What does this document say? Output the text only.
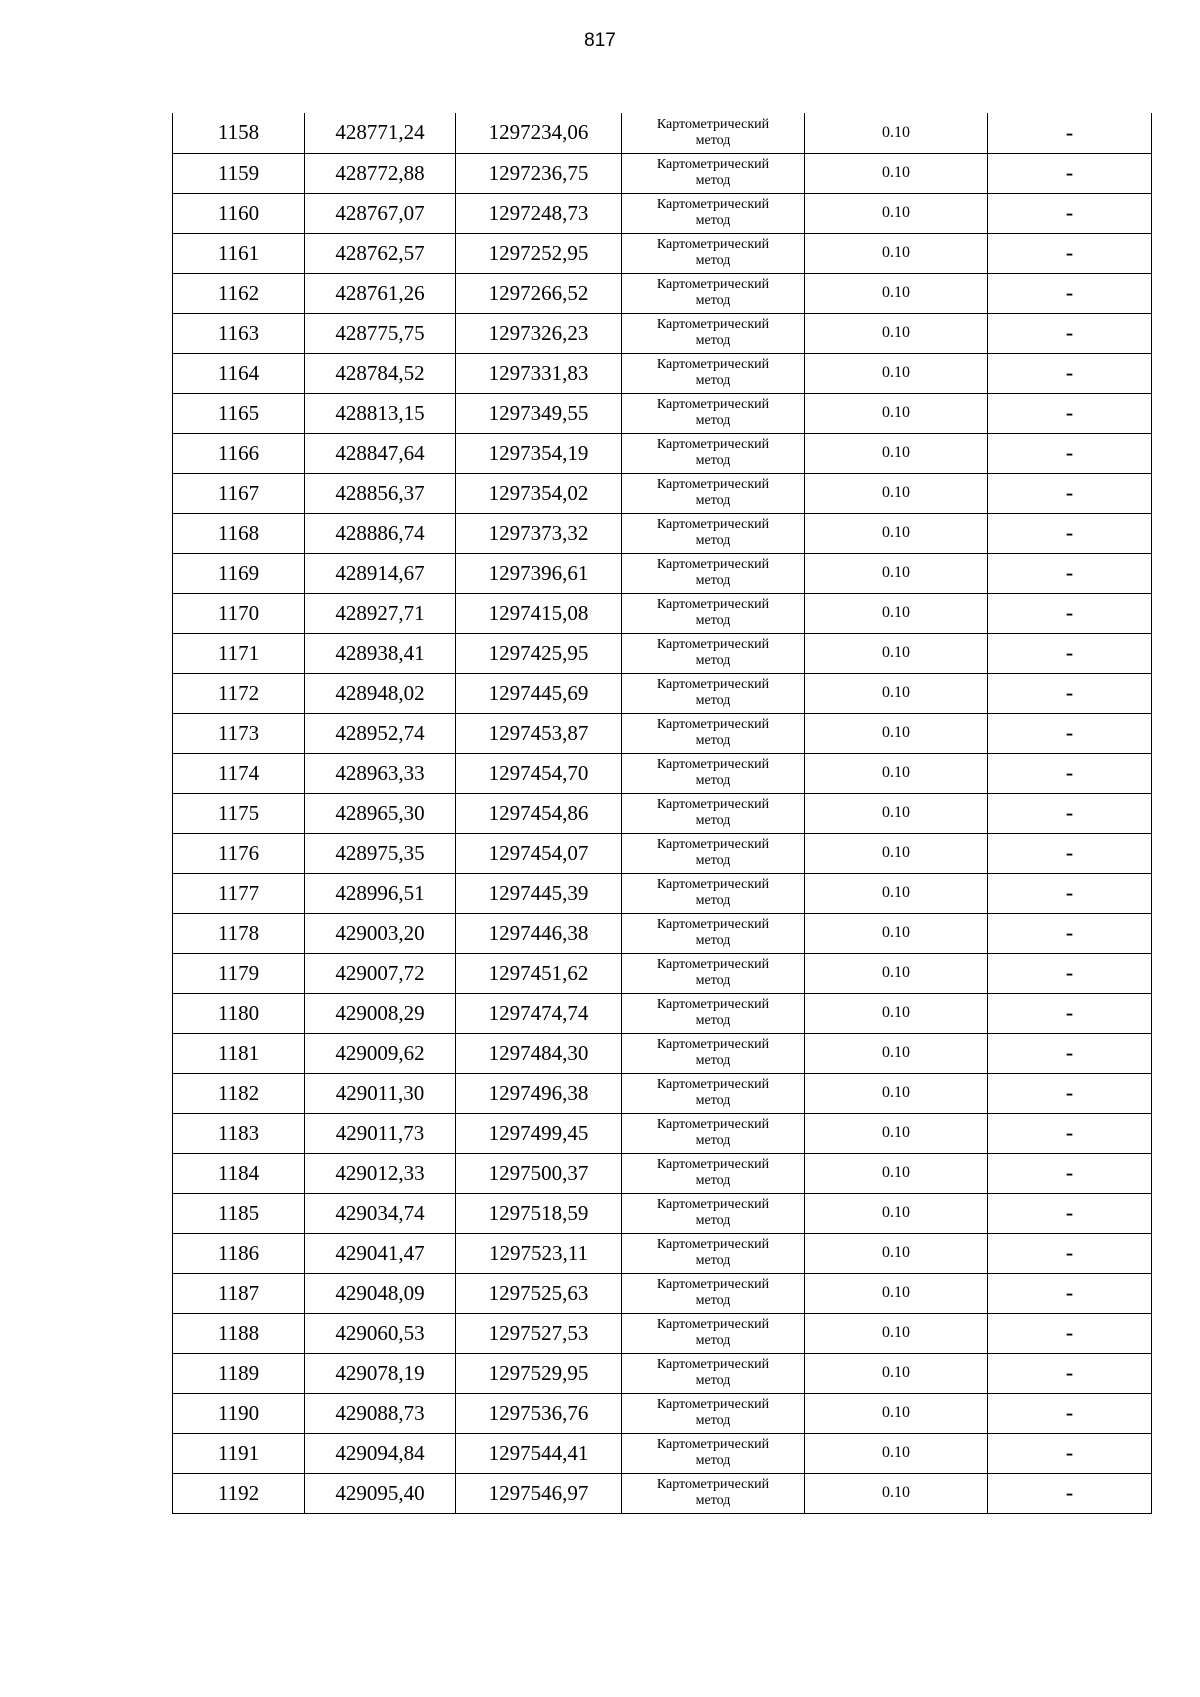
817
1158	428771,24	1297234,06	Картометрический метод	0.10	-
1159	428772,88	1297236,75	Картометрический метод	0.10	-
1160	428767,07	1297248,73	Картометрический метод	0.10	-
1161	428762,57	1297252,95	Картометрический метод	0.10	-
1162	428761,26	1297266,52	Картометрический метод	0.10	-
1163	428775,75	1297326,23	Картометрический метод	0.10	-
1164	428784,52	1297331,83	Картометрический метод	0.10	-
1165	428813,15	1297349,55	Картометрический метод	0.10	-
1166	428847,64	1297354,19	Картометрический метод	0.10	-
1167	428856,37	1297354,02	Картометрический метод	0.10	-
1168	428886,74	1297373,32	Картометрический метод	0.10	-
1169	428914,67	1297396,61	Картометрический метод	0.10	-
1170	428927,71	1297415,08	Картометрический метод	0.10	-
1171	428938,41	1297425,95	Картометрический метод	0.10	-
1172	428948,02	1297445,69	Картометрический метод	0.10	-
1173	428952,74	1297453,87	Картометрический метод	0.10	-
1174	428963,33	1297454,70	Картометрический метод	0.10	-
1175	428965,30	1297454,86	Картометрический метод	0.10	-
1176	428975,35	1297454,07	Картометрический метод	0.10	-
1177	428996,51	1297445,39	Картометрический метод	0.10	-
1178	429003,20	1297446,38	Картометрический метод	0.10	-
1179	429007,72	1297451,62	Картометрический метод	0.10	-
1180	429008,29	1297474,74	Картометрический метод	0.10	-
1181	429009,62	1297484,30	Картометрический метод	0.10	-
1182	429011,30	1297496,38	Картометрический метод	0.10	-
1183	429011,73	1297499,45	Картометрический метод	0.10	-
1184	429012,33	1297500,37	Картометрический метод	0.10	-
1185	429034,74	1297518,59	Картометрический метод	0.10	-
1186	429041,47	1297523,11	Картометрический метод	0.10	-
1187	429048,09	1297525,63	Картометрический метод	0.10	-
1188	429060,53	1297527,53	Картометрический метод	0.10	-
1189	429078,19	1297529,95	Картометрический метод	0.10	-
1190	429088,73	1297536,76	Картометрический метод	0.10	-
1191	429094,84	1297544,41	Картометрический метод	0.10	-
1192	429095,40	1297546,97	Картометрический метод	0.10	-
